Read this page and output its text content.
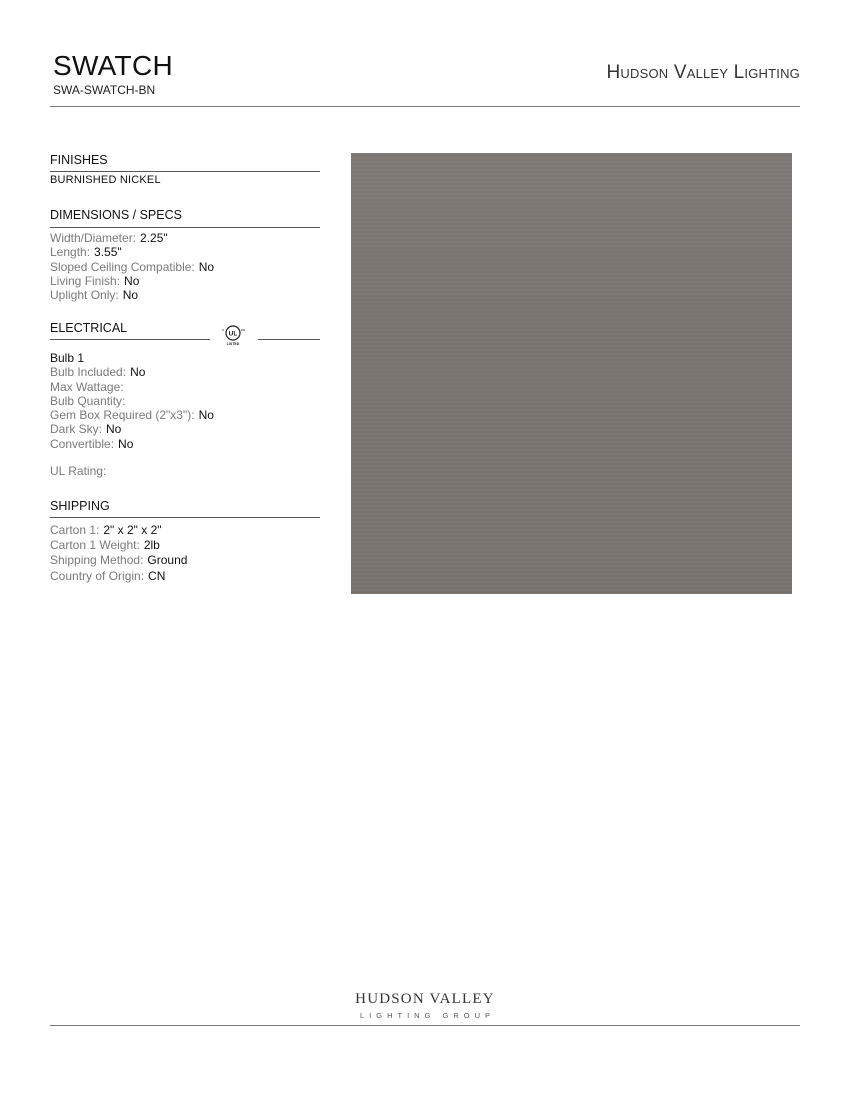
SWATCH
SWA-SWATCH-BN
Hudson Valley Lighting
FINISHES
BURNISHED NICKEL
DIMENSIONS / SPECS
Width/Diameter: 2.25"
Length: 3.55"
Sloped Ceiling Compatible: No
Living Finish: No
Uplight Only: No
ELECTRICAL	UL
c	us
LISTED
Bulb 1
Bulb Included: No
Max Wattage:
Bulb Quantity:
Gem Box Required (2"x3"): No
Dark Sky: No
Convertible: No
UL Rating:
SHIPPING
Carton 1: 2" x 2" x 2"
Carton 1 Weight: 2lb
Shipping Method: Ground
Country of Origin: CN
HUDSON VALLEY
LIGHTING GROUP
